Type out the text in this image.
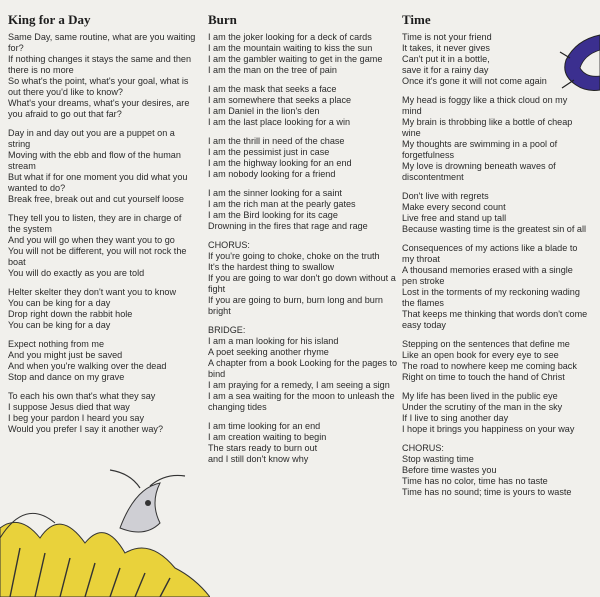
King for a Day
Same Day, same routine, what are you waiting for?
If nothing changes it stays the same and then there is no more
So what's the point, what's your goal, what is out there you'd like to know?
What's your dreams, what's your desires, are you afraid to go out that far?
Day in and day out you are a puppet on a string
Moving with the ebb and flow of the human stream
But what if for one moment you did what you wanted to do?
Break free, break out and cut yourself loose
They tell you to listen, they are in charge of the system
And you will go when they want you to go
You will not be different, you will not rock the boat
You will do exactly as you are told
Helter skelter they don't want you to know
You can be king for a day
Drop right down the rabbit hole
You can be king for a day
Expect nothing from me
And you might just be saved
And when you're walking over the dead
Stop and dance on my grave
To each his own that's what they say
I suppose Jesus died that way
I beg your pardon I heard you say
Would you prefer I say it another way?
Burn
I am the joker looking for a deck of cards
I am the mountain waiting to kiss the sun
I am the gambler waiting to get in the game
I am the man on the tree of pain
I am the mask that seeks a face
I am somewhere that seeks a place
I am Daniel in the lion's den
I am the last place looking for a win
I am the thrill in need of the chase
I am the pessimist just in case
I am the highway looking for an end
I am nobody looking for a friend
I am the sinner looking for a saint
I am the rich man at the pearly gates
I am the Bird looking for its cage
Drowning in the fires that rage and rage
CHORUS:
If you're going to choke, choke on the truth
It's the hardest thing to swallow
If you are going to war don't go down without a fight
If you are going to burn, burn long and burn bright
BRIDGE:
I am a man looking for his island
A poet seeking another rhyme
A chapter from a book Looking for the pages to bind
I am praying for a remedy, I am seeing a sign
I am a sea waiting for the moon to unleash the changing tides
I am time looking for an end
I am creation waiting to begin
The stars ready to burn out
and I still don't know why
Time
Time is not your friend
It takes, it never gives
Can't put it in a bottle,
save it for a rainy day
Once it's gone it will not come again
My head is foggy like a thick cloud on my mind
My brain is throbbing like a bottle of cheap wine
My thoughts are swimming in a pool of forgetfulness
My love is drowning beneath waves of discontentment
Don't live with regrets
Make every second count
Live free and stand up tall
Because wasting time is the greatest sin of all
Consequences of my actions like a blade to my throat
A thousand memories erased with a single pen stroke
Lost in the torments of my reckoning wading the flames
That keeps me thinking that words don't come easy today
Stepping on the sentences that define me
Like an open book for every eye to see
The road to nowhere keep me coming back
Right on time to touch the hand of Christ
My life has been lived in the public eye
Under the scrutiny of the man in the sky
If I live to sing another day
I hope it brings you happiness on your way
CHORUS:
Stop wasting time
Before time wastes you
Time has no color, time has no taste
Time has no sound; time is yours to waste
